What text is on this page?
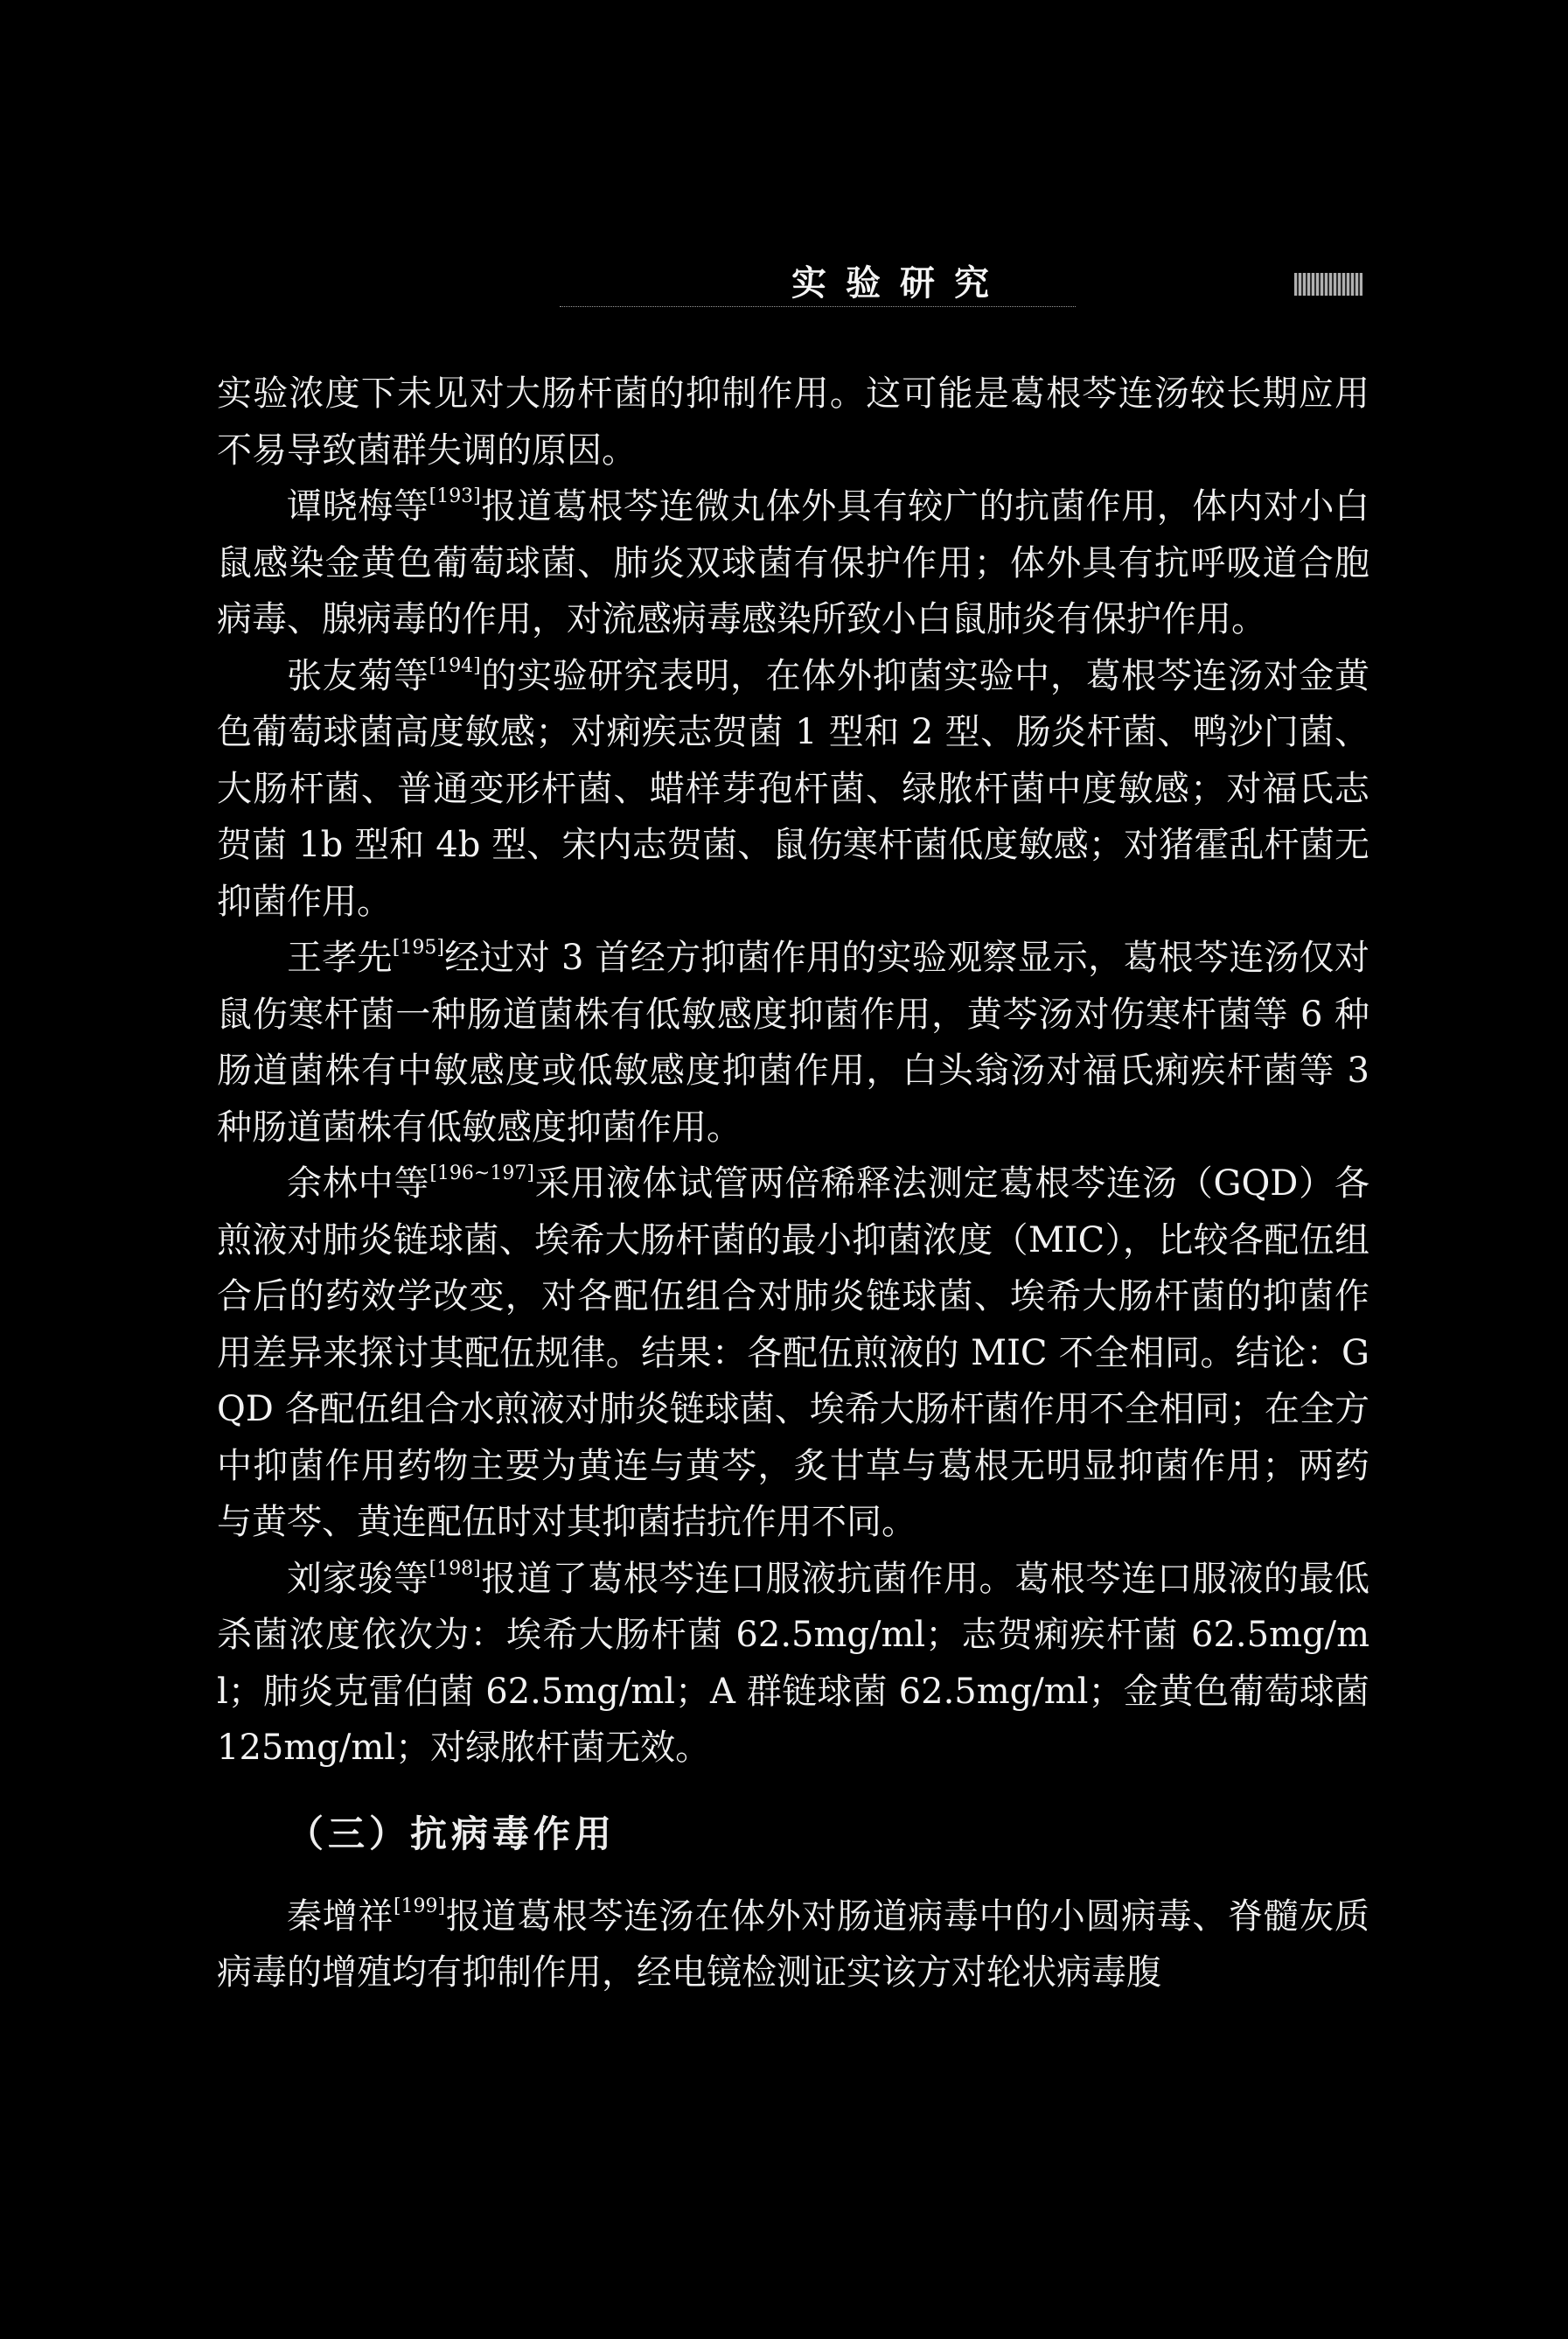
实验研究

实验浓度下未见对大肠杆菌的抑制作用。这可能是葛根芩连汤较长期应用不易导致菌群失调的原因。

谭晓梅等[193]报道葛根芩连微丸体外具有较广的抗菌作用，体内对小白鼠感染金黄色葡萄球菌、肺炎双球菌有保护作用；体外具有抗呼吸道合胞病毒、腺病毒的作用，对流感病毒感染所致小白鼠肺炎有保护作用。

张友菊等[194]的实验研究表明，在体外抑菌实验中，葛根芩连汤对金黄色葡萄球菌高度敏感；对痢疾志贺菌 1 型和 2 型、肠炎杆菌、鸭沙门菌、大肠杆菌、普通变形杆菌、蜡样芽孢杆菌、绿脓杆菌中度敏感；对福氏志贺菌 1b 型和 4b 型、宋内志贺菌、鼠伤寒杆菌低度敏感；对猪霍乱杆菌无抑菌作用。

王孝先[195]经过对 3 首经方抑菌作用的实验观察显示，葛根芩连汤仅对鼠伤寒杆菌一种肠道菌株有低敏感度抑菌作用，黄芩汤对伤寒杆菌等 6 种肠道菌株有中敏感度或低敏感度抑菌作用，白头翁汤对福氏痢疾杆菌等 3 种肠道菌株有低敏感度抑菌作用。

余林中等[196~197]采用液体试管两倍稀释法测定葛根芩连汤（GQD）各煎液对肺炎链球菌、埃希大肠杆菌的最小抑菌浓度（MIC），比较各配伍组合后的药效学改变，对各配伍组合对肺炎链球菌、埃希大肠杆菌的抑菌作用差异来探讨其配伍规律。结果：各配伍煎液的 MIC 不全相同。结论：GQD 各配伍组合水煎液对肺炎链球菌、埃希大肠杆菌作用不全相同；在全方中抑菌作用药物主要为黄连与黄芩，炙甘草与葛根无明显抑菌作用；两药与黄芩、黄连配伍时对其抑菌拮抗作用不同。

刘家骏等[198]报道了葛根芩连口服液抗菌作用。葛根芩连口服液的最低杀菌浓度依次为：埃希大肠杆菌 62.5mg/ml；志贺痢疾杆菌 62.5mg/ml；肺炎克雷伯菌 62.5mg/ml；A 群链球菌 62.5mg/ml；金黄色葡萄球菌 125mg/ml；对绿脓杆菌无效。

（三）抗病毒作用

秦增祥[199]报道葛根芩连汤在体外对肠道病毒中的小圆病毒、脊髓灰质病毒的增殖均有抑制作用，经电镜检测证实该方对轮状病毒腹
